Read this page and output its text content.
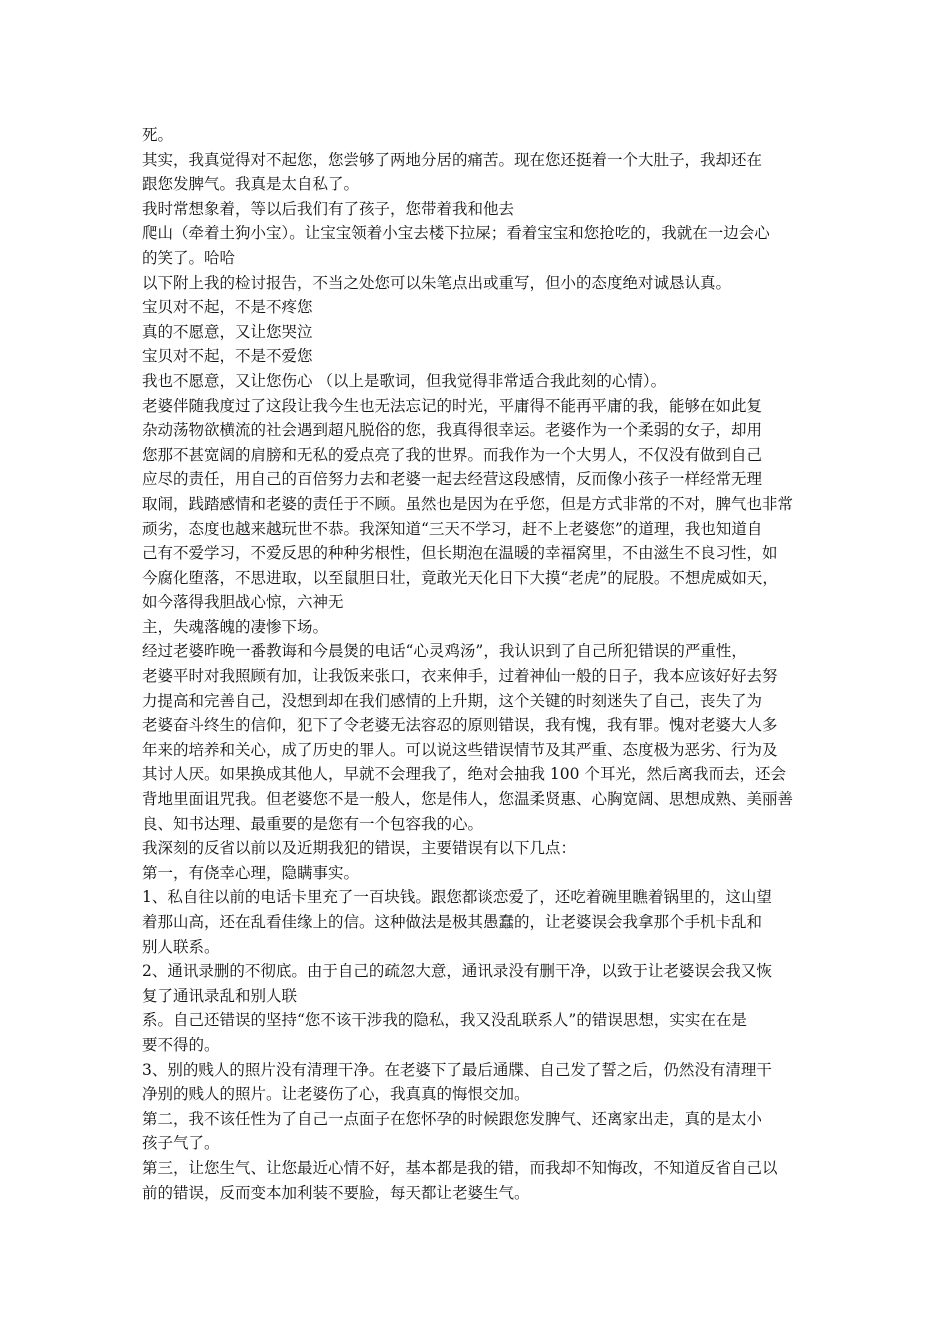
死。
其实，我真觉得对不起您，您尝够了两地分居的痛苦。现在您还挺着一个大肚子，我却还在
跟您发脾气。我真是太自私了。
我时常想象着，等以后我们有了孩子，您带着我和他去
爬山（牵着土狗小宝）。让宝宝领着小宝去楼下拉屎；看着宝宝和您抢吃的，我就在一边会心
的笑了。哈哈
以下附上我的检讨报告，不当之处您可以朱笔点出或重写，但小的态度绝对诚恳认真。
宝贝对不起，不是不疼您
真的不愿意，又让您哭泣
宝贝对不起，不是不爱您
我也不愿意，又让您伤心 （以上是歌词，但我觉得非常适合我此刻的心情）。
老婆伴随我度过了这段让我今生也无法忘记的时光，平庸得不能再平庸的我，能够在如此复
杂动荡物欲横流的社会遇到超凡脱俗的您，我真得很幸运。老婆作为一个柔弱的女子，却用
您那不甚宽阔的肩膀和无私的爱点亮了我的世界。而我作为一个大男人，不仅没有做到自己
应尽的责任，用自己的百倍努力去和老婆一起去经营这段感情，反而像小孩子一样经常无理
取闹，践踏感情和老婆的责任于不顾。虽然也是因为在乎您，但是方式非常的不对，脾气也非常
顽劣，态度也越来越玩世不恭。我深知道“三天不学习，赶不上老婆您”的道理，我也知道自
己有不爱学习，不爱反思的种种劣根性，但长期泡在温暖的幸福窝里，不由滋生不良习性，如
今腐化堕落，不思进取，以至鼠胆日壮，竟敢光天化日下大摸“老虎”的屁股。不想虎威如天，
如今落得我胆战心惊，六神无
主，失魂落魄的凄惨下场。
经过老婆昨晚一番教诲和今晨煲的电话“心灵鸡汤”，我认识到了自己所犯错误的严重性，
老婆平时对我照顾有加，让我饭来张口，衣来伸手，过着神仙一般的日子，我本应该好好去努
力提高和完善自己，没想到却在我们感情的上升期，这个关键的时刻迷失了自己，丧失了为
老婆奋斗终生的信仰，犯下了令老婆无法容忍的原则错误，我有愧，我有罪。愧对老婆大人多
年来的培养和关心，成了历史的罪人。可以说这些错误情节及其严重、态度极为恶劣、行为及
其讨人厌。如果换成其他人，早就不会理我了，绝对会抽我 100 个耳光，然后离我而去，还会
背地里面诅咒我。但老婆您不是一般人，您是伟人，您温柔贤惠、心胸宽阔、思想成熟、美丽善
良、知书达理、最重要的是您有一个包容我的心。
我深刻的反省以前以及近期我犯的错误，主要错误有以下几点：
第一，有侥幸心理，隐瞒事实。
1、私自往以前的电话卡里充了一百块钱。跟您都谈恋爱了，还吃着碗里瞧着锅里的，这山望
着那山高，还在乱看佳缘上的信。这种做法是极其愚蠢的，让老婆误会我拿那个手机卡乱和
别人联系。
2、通讯录删的不彻底。由于自己的疏忽大意，通讯录没有删干净，以致于让老婆误会我又恢
复了通讯录乱和别人联
系。自己还错误的坚持“您不该干涉我的隐私，我又没乱联系人”的错误思想，实实在在是
要不得的。
3、别的贱人的照片没有清理干净。在老婆下了最后通牒、自己发了誓之后，仍然没有清理干
净别的贱人的照片。让老婆伤了心，我真真的悔恨交加。
第二，我不该任性为了自己一点面子在您怀孕的时候跟您发脾气、还离家出走，真的是太小
孩子气了。
第三，让您生气、让您最近心情不好，基本都是我的错，而我却不知悔改，不知道反省自己以
前的错误，反而变本加利装不要脸，每天都让老婆生气。
